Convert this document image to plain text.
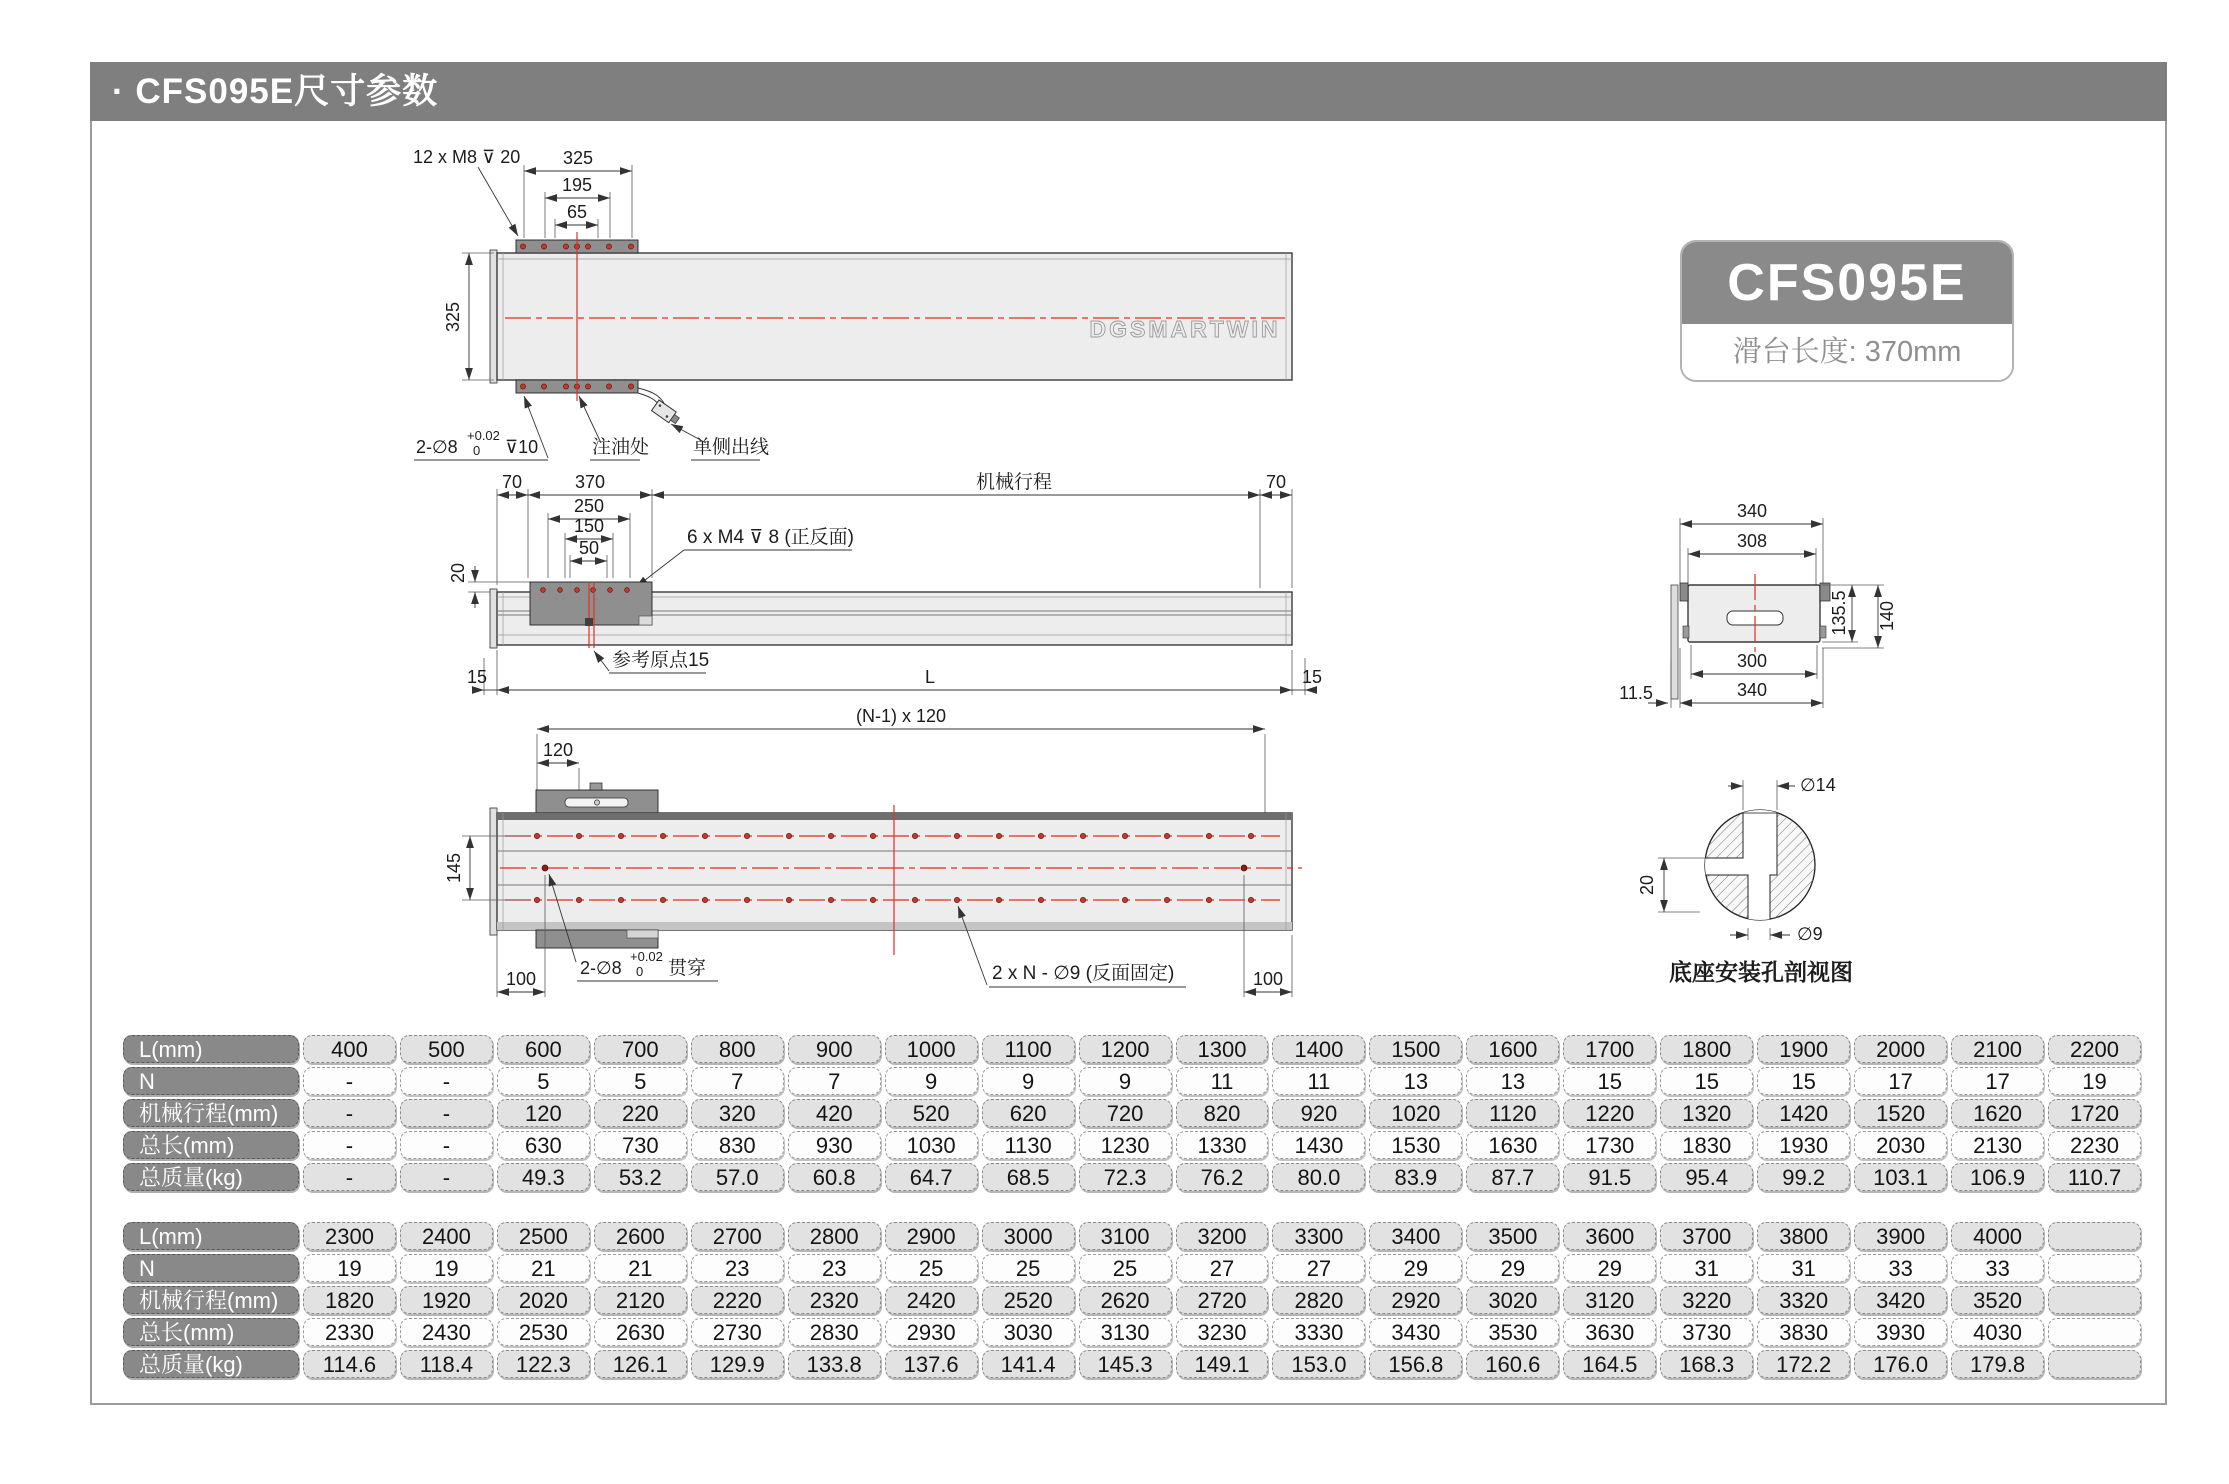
· CFS095E尺寸参数
DGSMARTWIN
325
195
65
12 x M8 ⊽ 20
325
2-∅8
+0.02
0 ⊽10	注油处 单侧出线
70	370	机械行程	70
250
150
50
20
6 x M4 ⊽ 8 (正反面)
参考原点15
15	L	15
(N-1) x 120
120
145
100	100
2-∅8
+0.02
0 贯穿	2 x N - ∅9 (反面固定)
340
308
135.5 140
300
340
11.5
∅14
∅9
20
底座安装孔剖视图
CFS095E
滑台长度: 370mm
L(mm)	400	500	600	700	800	900	1000	1100	1200	1300	1400	1500	1600	1700	1800	1900	2000	2100	2200
N	-	-	5	5	7	7	9	9	9	11	11	13	13	15	15	15	17	17	19
机械行程(mm)	-	-	120	220	320	420	520	620	720	820	920	1020	1120	1220	1320	1420	1520	1620	1720
总长(mm)	-	-	630	730	830	930	1030	1130	1230	1330	1430	1530	1630	1730	1830	1930	2030	2130	2230
总质量(kg)	-	-	49.3	53.2	57.0	60.8	64.7	68.5	72.3	76.2	80.0	83.9	87.7	91.5	95.4	99.2	103.1	106.9	110.7
L(mm)	2300	2400	2500	2600	2700	2800	2900	3000	3100	3200	3300	3400	3500	3600	3700	3800	3900	4000
N	19	19	21	21	23	23	25	25	25	27	27	29	29	29	31	31	33	33
机械行程(mm)	1820	1920	2020	2120	2220	2320	2420	2520	2620	2720	2820	2920	3020	3120	3220	3320	3420	3520
总长(mm)	2330	2430	2530	2630	2730	2830	2930	3030	3130	3230	3330	3430	3530	3630	3730	3830	3930	4030
总质量(kg)	114.6	118.4	122.3	126.1	129.9	133.8	137.6	141.4	145.3	149.1	153.0	156.8	160.6	164.5	168.3	172.2	176.0	179.8
